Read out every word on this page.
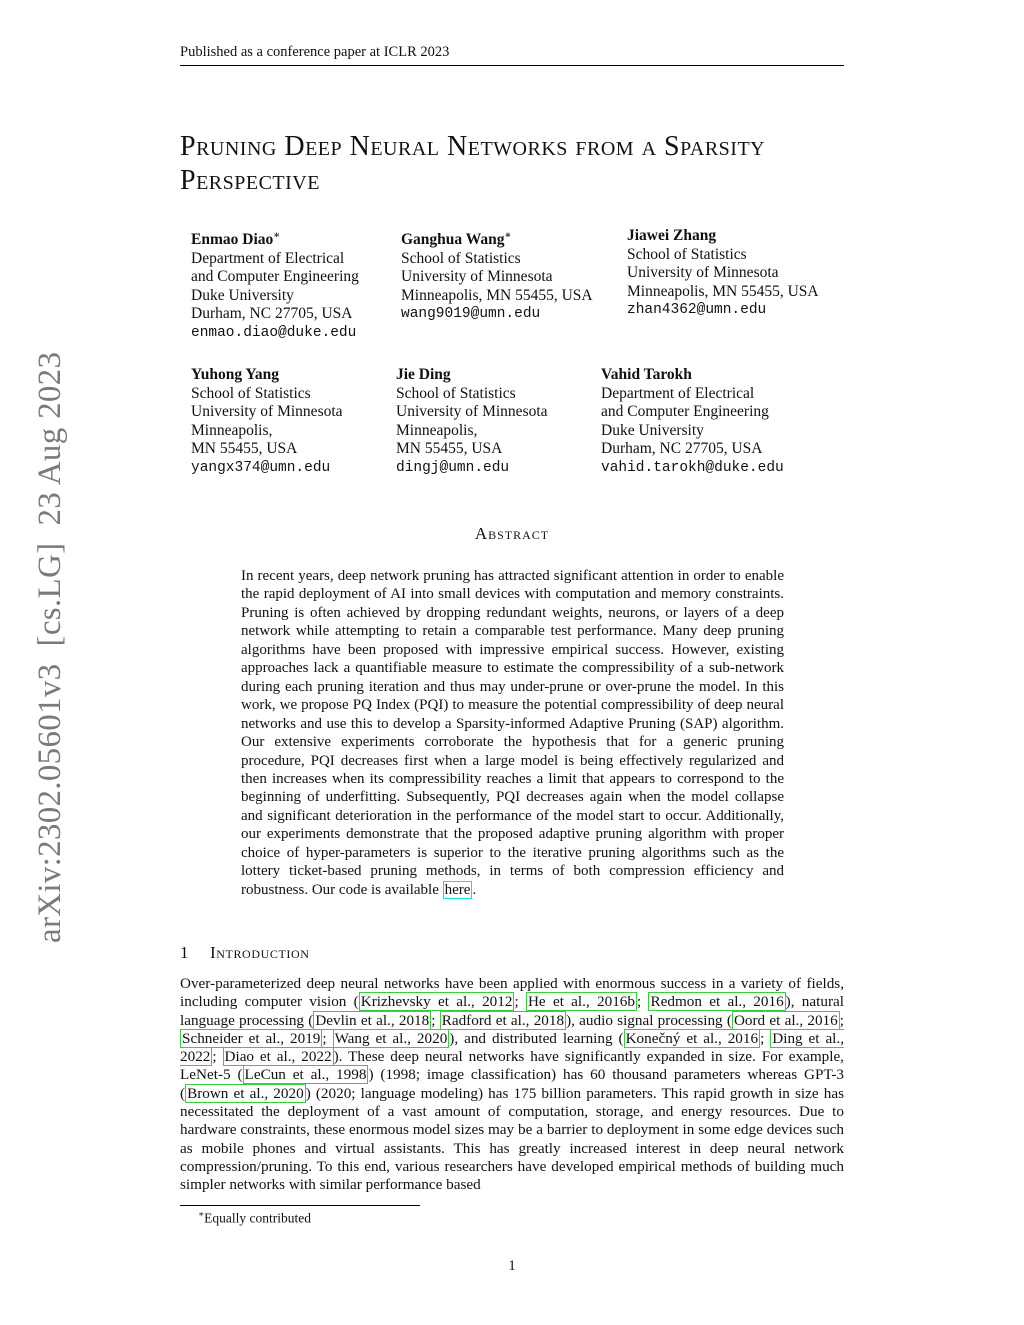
Published as a conference paper at ICLR 2023
Pruning Deep Neural Networks from a Sparsity
Perspective
arXiv:2302.05601v3  [cs.LG]  23 Aug 2023
Enmao Diao∗
Department of Electrical
and Computer Engineering
Duke University
Durham, NC 27705, USA
enmao.diao@duke.edu
Ganghua Wang∗
School of Statistics
University of Minnesota
Minneapolis, MN 55455, USA
wang9019@umn.edu
Jiawei Zhang
School of Statistics
University of Minnesota
Minneapolis, MN 55455, USA
zhan4362@umn.edu
Yuhong Yang
School of Statistics
University of Minnesota
Minneapolis,
MN 55455, USA
yangx374@umn.edu
Jie Ding
School of Statistics
University of Minnesota
Minneapolis,
MN 55455, USA
dingj@umn.edu
Vahid Tarokh
Department of Electrical
and Computer Engineering
Duke University
Durham, NC 27705, USA
vahid.tarokh@duke.edu
Abstract

In recent years, deep network pruning has attracted significant attention in order to enable the rapid deployment of AI into small devices with computation and memory constraints. Pruning is often achieved by dropping redundant weights, neurons, or layers of a deep network while attempting to retain a comparable test performance. Many deep pruning algorithms have been proposed with impressive empirical success. However, existing approaches lack a quantifiable measure to estimate the compressibility of a sub-network during each pruning iteration and thus may under-prune or over-prune the model. In this work, we propose PQ Index (PQI) to measure the potential compressibility of deep neural networks and use this to develop a Sparsity-informed Adaptive Pruning (SAP) algorithm. Our extensive experiments corroborate the hypothesis that for a generic pruning procedure, PQI decreases first when a large model is being effectively regularized and then increases when its compressibility reaches a limit that appears to correspond to the beginning of underfitting. Subsequently, PQI decreases again when the model collapse and significant deterioration in the performance of the model start to occur. Additionally, our experiments demonstrate that the proposed adaptive pruning algorithm with proper choice of hyper-parameters is superior to the iterative pruning algorithms such as the lottery ticket-based pruning methods, in terms of both compression efficiency and robustness. Our code is available here .

1 Introduction

Over-parameterized deep neural networks have been applied with enormous success in a variety of fields, including computer vision ( Krizhevsky et al., 2012 ; He et al., 2016b ; Redmon et al., 2016 ), natural language processing ( Devlin et al., 2018 ; Radford et al., 2018 ), audio signal processing ( Oord et al., 2016 ; Schneider et al., 2019 ; Wang et al., 2020 ), and distributed learning ( Konečný et al., 2016 ; Ding et al., 2022 ; Diao et al., 2022 ). These deep neural networks have significantly expanded in size. For example, LeNet-5 ( LeCun et al., 1998 ) (1998; image classification) has 60 thousand parameters whereas GPT-3 ( Brown et al., 2020 ) (2020; language modeling) has 175 billion parameters. This rapid growth in size has necessitated the deployment of a vast amount of computation, storage, and energy resources. Due to hardware constraints, these enormous model sizes may be a barrier to deployment in some edge devices such as mobile phones and virtual assistants. This has greatly increased interest in deep neural network compression/pruning. To this end, various researchers have developed empirical methods of building much simpler networks with similar performance based

∗Equally contributed
1
